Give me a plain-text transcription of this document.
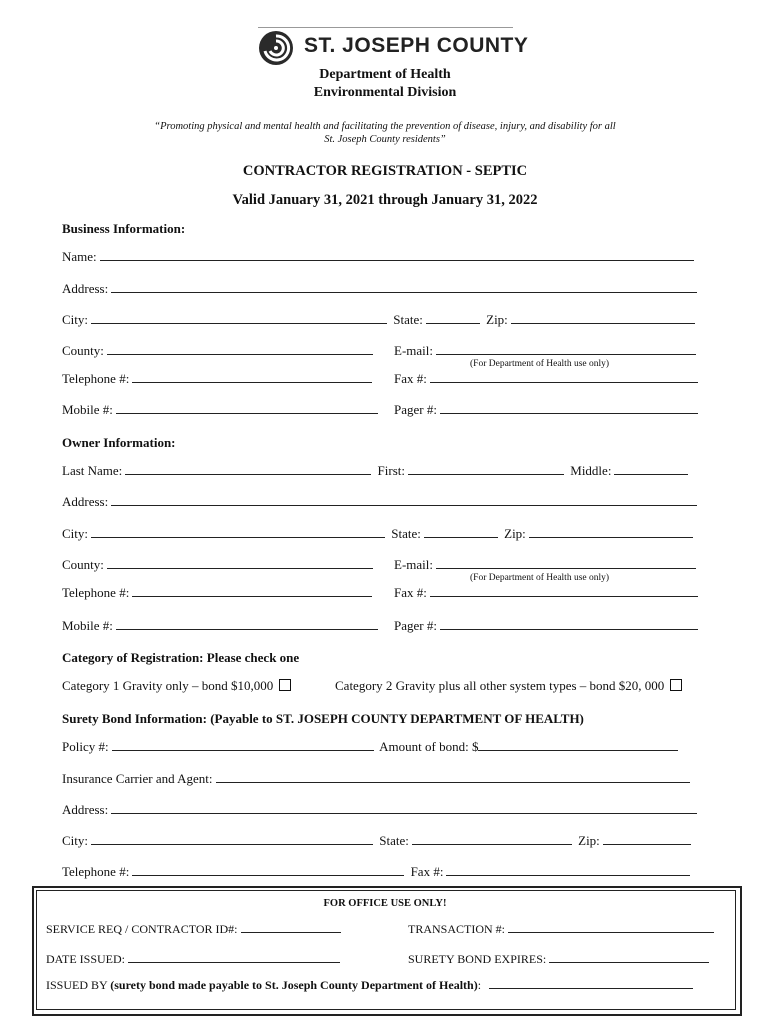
ST. JOSEPH COUNTY
Department of Health
Environmental Division
“Promoting physical and mental health and facilitating the prevention of disease, injury, and disability for all
St. Joseph County residents”
CONTRACTOR REGISTRATION - SEPTIC
Valid January 31, 2021 through January 31, 2022
Business Information:
Name:
Address:
City:	State:	Zip:
County:	E-mail:
(For Department of Health use only)
Telephone #:	Fax #:
Mobile #:	Pager #:
Owner Information:
Last Name:	First:	Middle:
Address:
City:	State:	Zip:
County:	E-mail:
(For Department of Health use only)
Telephone #:	Fax #:
Mobile #:	Pager #:
Category of Registration: Please check one
Category 1 Gravity only – bond $10,000	Category 2 Gravity plus all other system types – bond $20, 000
Surety Bond Information: (Payable to ST. JOSEPH COUNTY DEPARTMENT OF HEALTH)
Policy #:	Amount of bond: $
Insurance Carrier and Agent:
Address:
City:	State:	Zip:
Telephone #:	Fax #:
FOR OFFICE USE ONLY!
SERVICE REQ / CONTRACTOR ID#:	TRANSACTION #:
DATE ISSUED:	SURETY BOND EXPIRES:
ISSUED BY (surety bond made payable to St. Joseph County Department of Health):
